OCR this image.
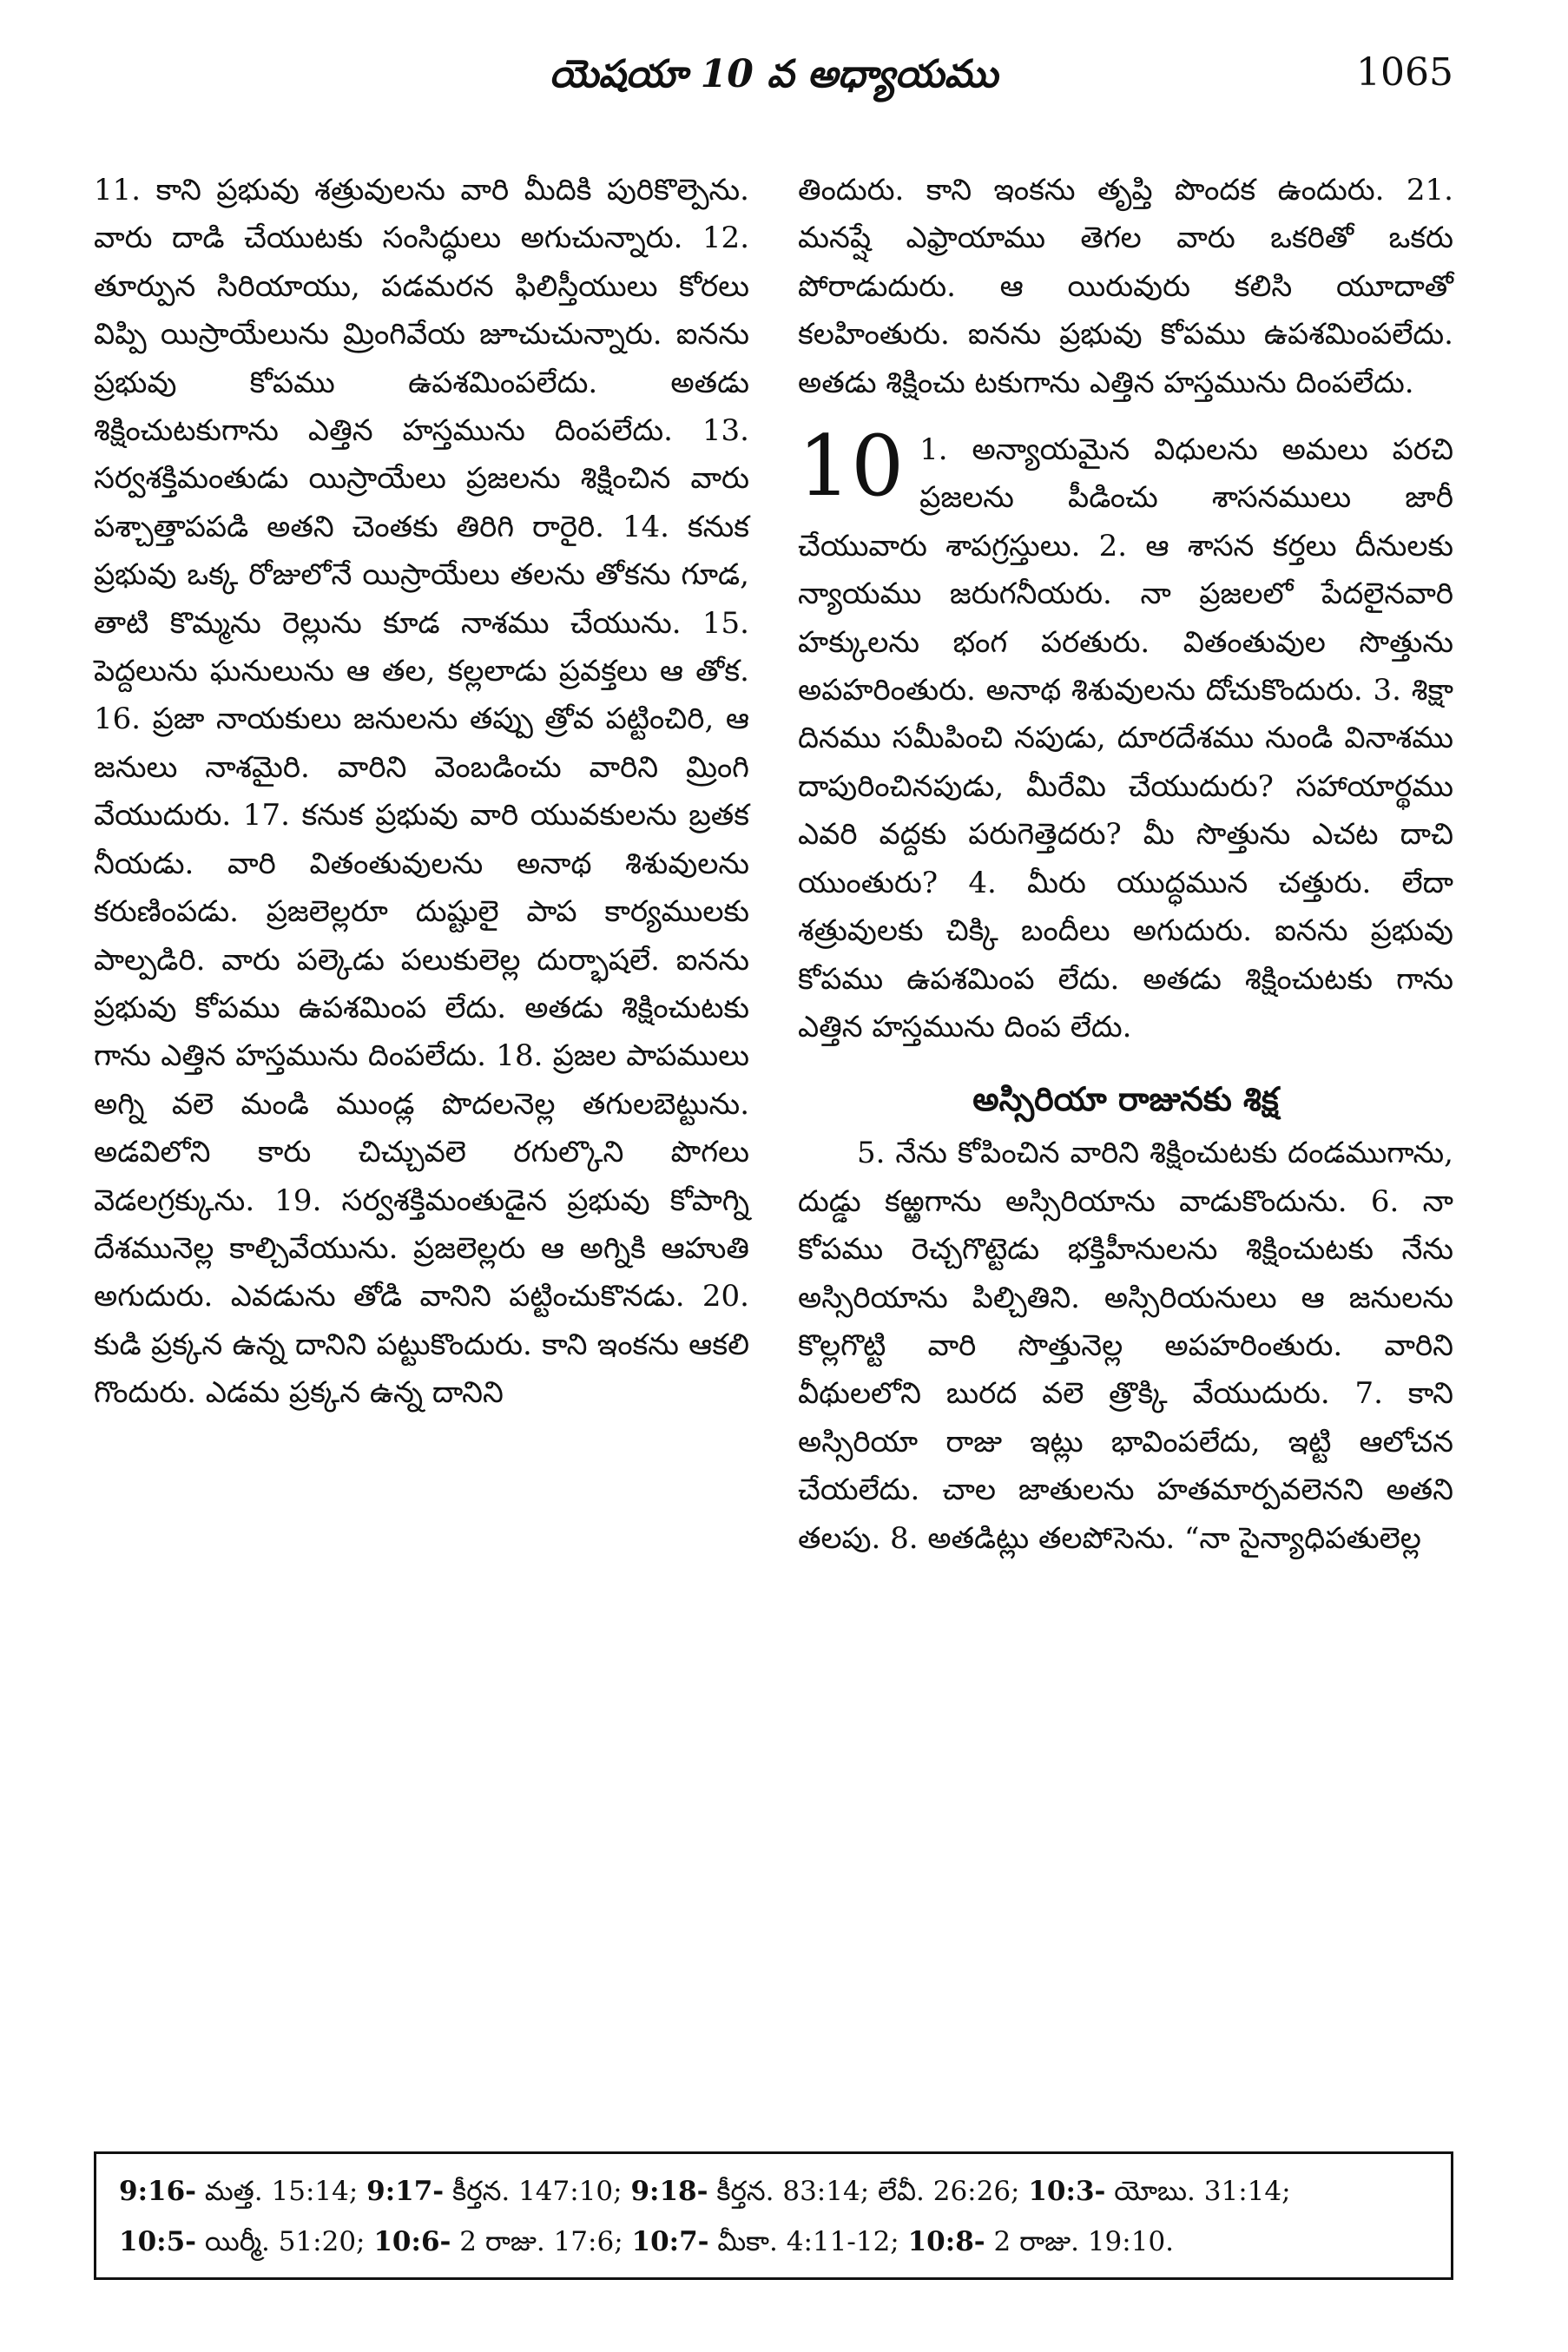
యెషయా 10 వ అధ్యాయము	1065

11. కాని ప్రభువు శత్రువులను వారి మీదికి పురికొల్పెను. వారు దాడి చేయుటకు సంసిద్ధులు అగుచున్నారు. 12. తూర్పున సిరియాయు, పడమరన ఫిలిస్తీయులు కోరలు విప్పి యిస్రాయేలును మ్రింగివేయ జూచుచున్నారు. ఐనను ప్రభువు కోపము ఉపశమింపలేదు. అతడు శిక్షించుటకుగాను ఎత్తిన హస్తమును దింపలేదు. 13. సర్వశక్తిమంతుడు యిస్రాయేలు ప్రజలను శిక్షించిన వారు పశ్చాత్తాపపడి అతని చెంతకు తిరిగి రారైరి. 14. కనుక ప్రభువు ఒక్క రోజులోనే యిస్రాయేలు తలను తోకను గూడ, తాటి కొమ్మను రెల్లును కూడ నాశము చేయును. 15. పెద్దలును ఘనులును ఆ తల, కల్లలాడు ప్రవక్తలు ఆ తోక. 16. ప్రజా నాయకులు జనులను తప్పు త్రోవ పట్టించిరి, ఆ జనులు నాశమైరి. వారిని వెంబడించు వారిని మ్రింగి వేయుదురు. 17. కనుక ప్రభువు వారి యువకులను బ్రతక నీయడు. వారి వితంతువులను అనాథ శిశువులను కరుణింపడు. ప్రజలెల్లరూ దుష్టులై పాప కార్యములకు పాల్పడిరి. వారు పల్కెడు పలుకులెల్ల దుర్భాషలే. ఐనను ప్రభువు కోపము ఉపశమింప లేదు. అతడు శిక్షించుటకు గాను ఎత్తిన హస్తమును దింపలేదు. 18. ప్రజల పాపములు అగ్ని వలె మండి ముండ్ల పొదలనెల్ల తగులబెట్టును. అడవిలోని కారు చిచ్చువలె రగుల్కొని పొగలు వెడలగ్రక్కును. 19. సర్వశక్తిమంతుడైన ప్రభువు కోపాగ్ని దేశమునెల్ల కాల్చివేయును. ప్రజలెల్లరు ఆ అగ్నికి ఆహుతి అగుదురు. ఎవడును తోడి వానిని పట్టించుకొనడు. 20. కుడి ప్రక్కన ఉన్న దానిని పట్టుకొందురు. కాని ఇంకను ఆకలి గొందురు. ఎడమ ప్రక్కన ఉన్న దానిని

తిందురు. కాని ఇంకను తృప్తి పొందక ఉందురు. 21. మనష్షే ఎఫ్రాయాము తెగల వారు ఒకరితో ఒకరు పోరాడుదురు. ఆ యిరువురు కలిసి యూదాతో కలహింతురు. ఐనను ప్రభువు కోపము ఉపశమింపలేదు. అతడు శిక్షించు టకుగాను ఎత్తిన హస్తమును దింపలేదు.

10 1. అన్యాయమైన విధులను అమలు పరచి ప్రజలను పీడించు శాసనములు జారీ చేయువారు శాపగ్రస్తులు. 2. ఆ శాసన కర్తలు దీనులకు న్యాయము జరుగనీయరు. నా ప్రజలలో పేదలైనవారి హక్కులను భంగ పరతురు. వితంతువుల సొత్తును అపహరింతురు. అనాథ శిశువులను దోచుకొందురు. 3. శిక్షా దినము సమీపించి నపుడు, దూరదేశము నుండి వినాశము దాపురించినపుడు, మీరేమి చేయుదురు? సహాయార్థము ఎవరి వద్దకు పరుగెత్తెదరు? మీ సొత్తును ఎచట దాచి యుంతురు? 4. మీరు యుద్ధమున చత్తురు. లేదా శత్రువులకు చిక్కి బందీలు అగుదురు. ఐనను ప్రభువు కోపము ఉపశమింప లేదు. అతడు శిక్షించుటకు గాను ఎత్తిన హస్తమును దింప లేదు.
అస్సిరియా రాజునకు శిక్ష

5. నేను కోపించిన వారిని శిక్షించుటకు దండముగాను, దుడ్డు కఱ్ఱగాను అస్సిరియాను వాడుకొందును. 6. నా కోపము రెచ్చగొట్టెడు భక్తిహీనులను శిక్షించుటకు నేను అస్సిరియాను పిల్చితిని. అస్సిరియనులు ఆ జనులను కొల్లగొట్టి వారి సొత్తునెల్ల అపహరింతురు. వారిని వీథులలోని బురద వలె త్రొక్కి వేయుదురు. 7. కాని అస్సిరియా రాజు ఇట్లు భావింపలేదు, ఇట్టి ఆలోచన చేయలేదు. చాల జాతులను హతమార్పవలెనని అతని తలపు. 8. అతడిట్లు తలపోసెను. “నా సైన్యాధిపతులెల్ల

9:16- మత్త. 15:14; 9:17- కీర్తన. 147:10; 9:18- కీర్తన. 83:14; లేవీ. 26:26; 10:3- యోబు. 31:14;
10:5- యిర్మీ. 51:20; 10:6- 2 రాజు. 17:6; 10:7- మీకా. 4:11-12; 10:8- 2 రాజు. 19:10.
